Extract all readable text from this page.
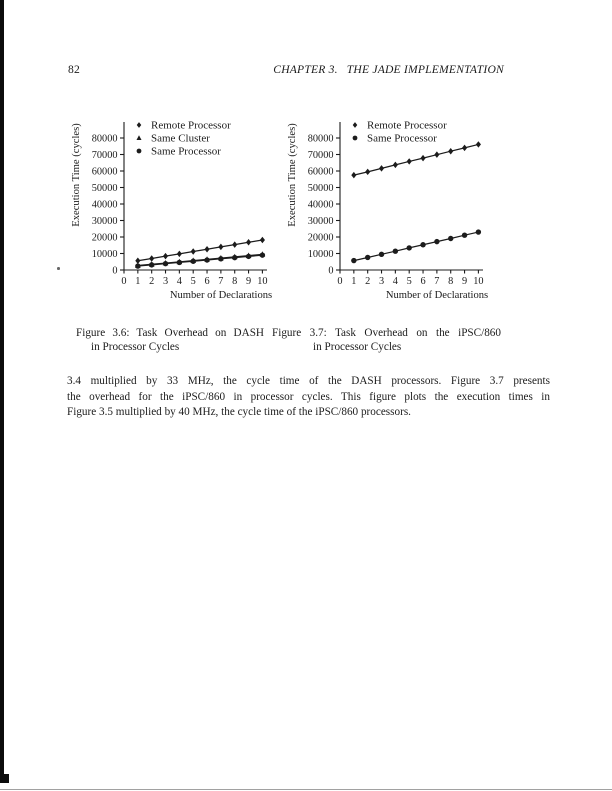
82	CHAPTER 3. THE JADE IMPLEMENTATION
0
10000
20000
30000
40000
50000
60000
70000
80000
0 1 2 3 4 5 6 7 8 9 10
Remote Processor
Same Cluster
Same Processor
Number of Declarations
Execution Time (cycles)
0
10000
20000
30000
40000
50000
60000
70000
80000
0 1 2 3 4 5 6 7 8 9 10
Remote Processor
Same Processor
Number of Declarations
Execution Time (cycles)
Figure 3.6: Task Overhead on DASH
in Processor Cycles
Figure 3.7: Task Overhead on the iPSC/860
in Processor Cycles
3.4 multiplied by 33 MHz, the cycle time of the DASH processors. Figure 3.7 presents
the overhead for the iPSC/860 in processor cycles. This figure plots the execution times in
Figure 3.5 multiplied by 40 MHz, the cycle time of the iPSC/860 processors.
